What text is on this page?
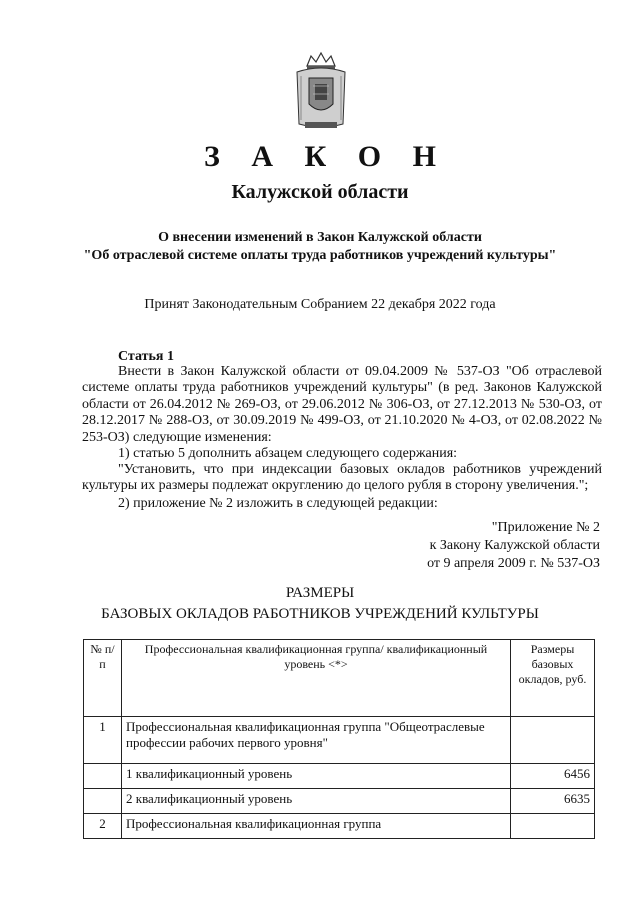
З А К О Н
Калужской области
О внесении изменений в Закон Калужской области
"Об отраслевой системе оплаты труда работников учреждений культуры"
Принят Законодательным Собранием 22 декабря 2022 года
Статья 1
Внести в Закон Калужской области от 09.04.2009 № 537-ОЗ "Об отраслевой системе оплаты труда работников учреждений культуры" (в ред. Законов Калужской области от 26.04.2012 № 269-ОЗ, от 29.06.2012 № 306-ОЗ, от 27.12.2013 № 530-ОЗ, от 28.12.2017 № 288-ОЗ, от 30.09.2019 № 499-ОЗ, от 21.10.2020 № 4-ОЗ, от 02.08.2022 № 253-ОЗ) следующие изменения:
1) статью 5 дополнить абзацем следующего содержания:
"Установить, что при индексации базовых окладов работников учреждений культуры их размеры подлежат округлению до целого рубля в сторону увеличения.";
2) приложение № 2 изложить в следующей редакции:
"Приложение № 2
к Закону Калужской области
от 9 апреля 2009 г. № 537-ОЗ
РАЗМЕРЫ
БАЗОВЫХ ОКЛАДОВ РАБОТНИКОВ УЧРЕЖДЕНИЙ КУЛЬТУРЫ
№ п/п	Профессиональная квалификационная группа/ квалификационный уровень <*>	Размеры базовых окладов, руб.
1	Профессиональная квалификационная группа "Общеотраслевые профессии рабочих первого уровня"	
	1 квалификационный уровень	6456
	2 квалификационный уровень	6635
2	Профессиональная квалификационная группа	
